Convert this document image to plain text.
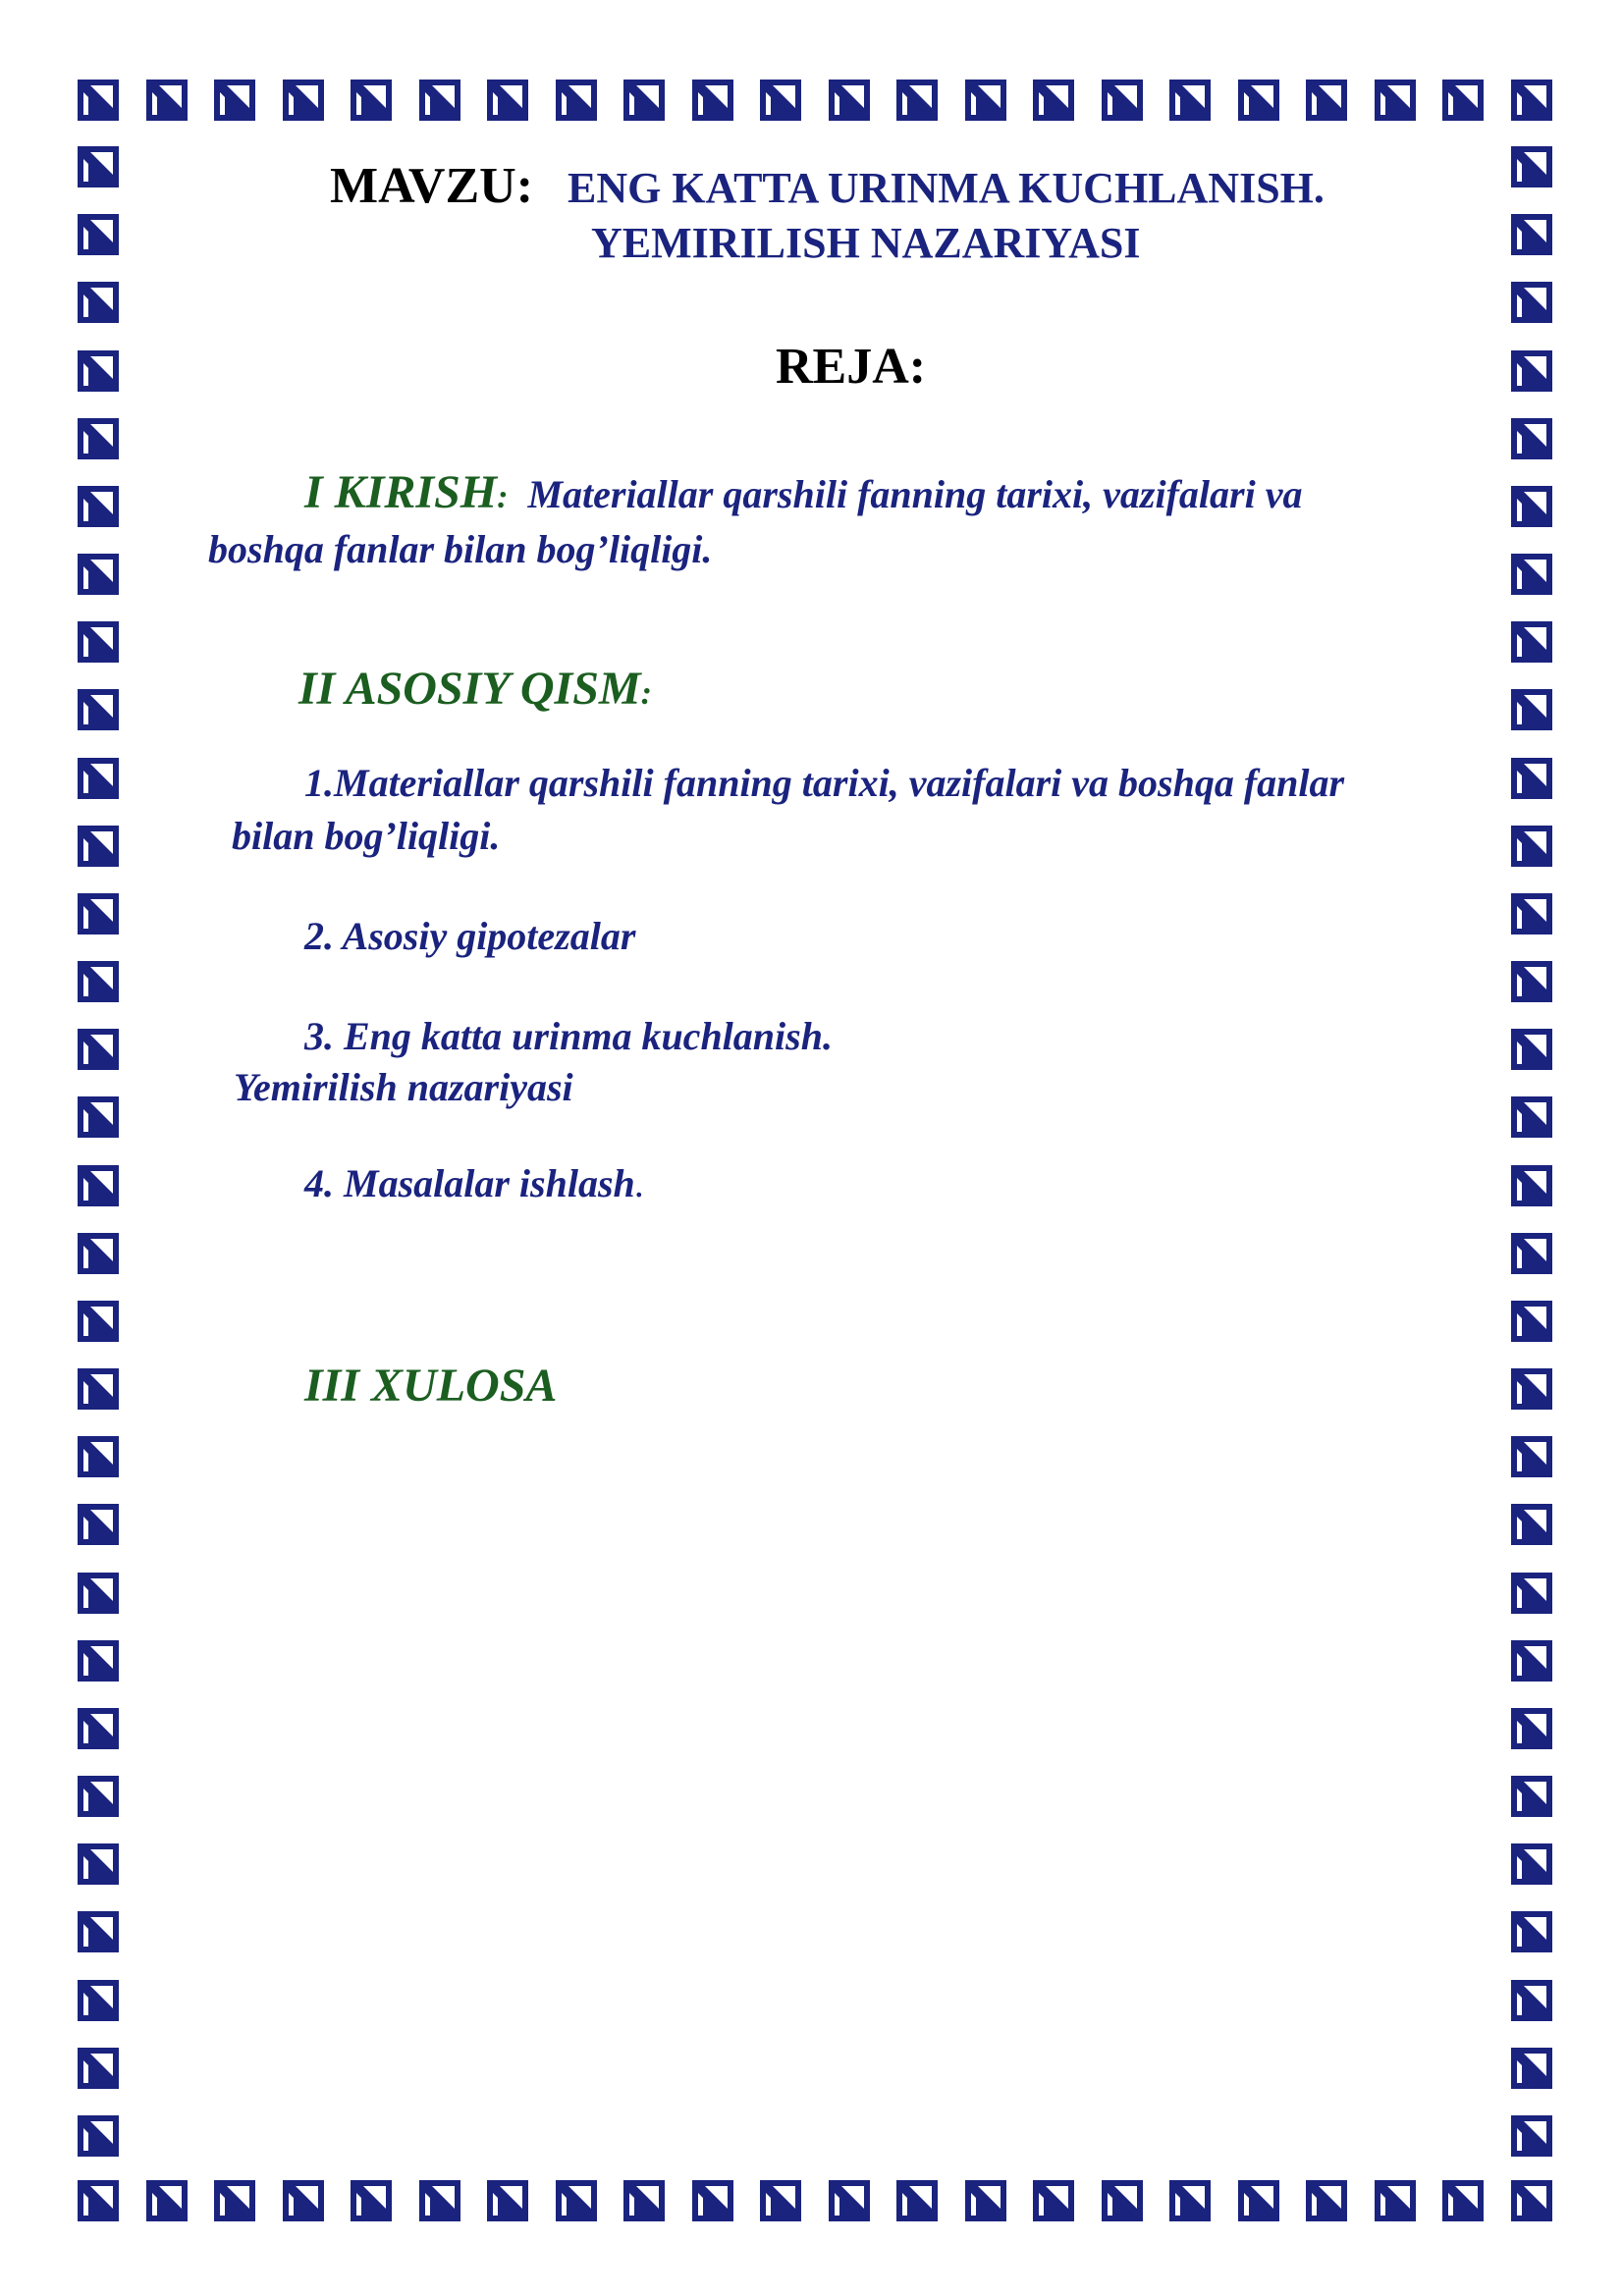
MAVZU: ENG KATTA URINMA KUCHLANISH.
YEMIRILISH NAZARIYASI
REJA:
I KIRISH: Materiallar qarshili fanning tarixi, vazifalari va
boshqa fanlar bilan bog’liqligi.
II ASOSIY QISM:
1.Materiallar qarshili fanning tarixi, vazifalari va boshqa fanlar
bilan bog’liqligi.
2. Asosiy gipotezalar
3. Eng katta urinma kuchlanish.
Yemirilish nazariyasi
4. Masalalar ishlash.
III XULOSA
